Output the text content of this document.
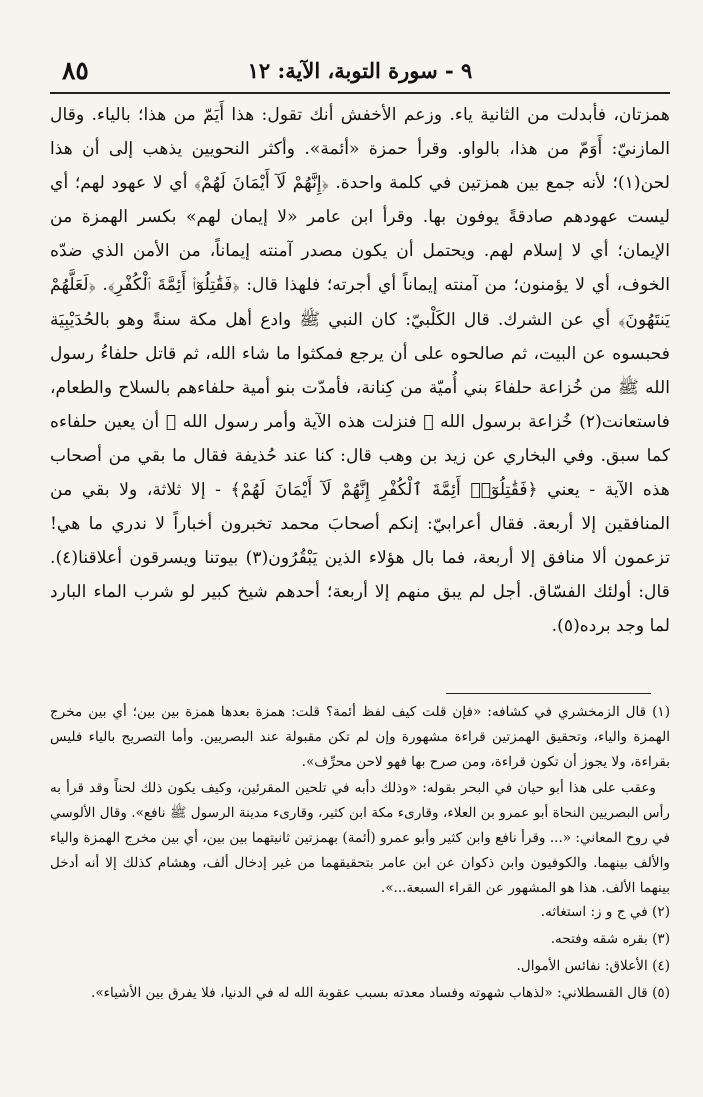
٨٥	٩ - سورة التوبة، الآية: ١٢

همزتان، فأبدلت من الثانية ياء. وزعم الأخفش أنك تقول: هذا أَيَمّ من هذا؛ بالياء. وقال المازنيّ: أَوَمّ من هذا، بالواو. وقرأ حمزة «أئمة». وأكثر النحويين يذهب إلى أن هذا لحن(١)؛ لأنه جمع بين همزتين في كلمة واحدة. ﴿إِنَّهُمْ لَآ أَيْمَانَ لَهُمْ﴾ أي لا عهود لهم؛ أي ليست عهودهم صادقةً يوفون بها. وقرأ ابن عامر «لا إيمان لهم» بكسر الهمزة من الإيمان؛ أي لا إسلام لهم. ويحتمل أن يكون مصدر آمنته إيماناً، من الأمن الذي ضدّه الخوف، أي لا يؤمنون؛ من آمنته إيماناً أي أجرته؛ فلهذا قال: ﴿فَقَٰتِلُوٓا۟ أَئِمَّةَ ٱلْكُفْرِ﴾. ﴿لَعَلَّهُمْ يَنتَهُونَ﴾ أي عن الشرك. قال الكَلْبيّ: كان النبي ﷺ وادع أهل مكة سنةً وهو بالحُدَيْبِيَة فحبسوه عن البيت، ثم صالحوه على أن يرجع فمكثوا ما شاء الله، ثم قاتل حلفاءُ رسول الله ﷺ من خُزاعة حلفاءَ بني أُميّة من كِنانة، فأمدّت بنو أمية حلفاءهم بالسلاح والطعام، فاستعانت(٢) خُزاعة برسول الله ﷺ فنزلت هذه الآية وأمر رسول الله ﷺ أن يعين حلفاءه كما سبق. وفي البخاري عن زيد بن وهب قال: كنا عند حُذيفة فقال ما بقي من أصحاب هذه الآية - يعني ﴿فَقَٰتِلُوٓا۟ أَئِمَّةَ ٱلْكُفْرِ إِنَّهُمْ لَآ أَيْمَانَ لَهُمْ﴾ - إلا ثلاثة، ولا بقي من المنافقين إلا أربعة. فقال أعرابيّ: إنكم أصحابَ محمد تخبرون أخباراً لا ندري ما هي! تزعمون ألا منافق إلا أربعة، فما بال هؤلاء الذين يَبْقُرُون(٣) بيوتنا ويسرقون أعلاقنا(٤). قال: أولئك الفسّاق. أجل لم يبق منهم إلا أربعة؛ أحدهم شيخ كبير لو شرب الماء البارد لما وجد برده(٥).

(١) قال الزمخشري في كشافه: «فإن قلت كيف لفظ أئمة؟ قلت: همزة بعدها همزة بين بين؛ أي بين مخرج الهمزة والياء، وتحقيق الهمزتين قراءة مشهورة وإن لم تكن مقبولة عند البصريين. وأما التصريح بالياء فليس بقراءة، ولا يجوز أن تكون قراءة، ومن صرح بها فهو لاحن محرِّف».

وعقب على هذا أبو حيان في البحر بقوله: «وذلك دأبه في تلحين المقرئين، وكيف يكون ذلك لحناً وقد قرأ به رأس البصريين النحاة أبو عمرو بن العلاء، وقارىء مكة ابن كثير، وقارىء مدينة الرسول ﷺ نافع». وقال الألوسي في روح المعاني: «... وقرأ نافع وابن كثير وأبو عمرو (أئمة) بهمزتين ثانيتهما بين بين، أي بين مخرج الهمزة والياء والألف بينهما. والكوفيون وابن ذكوان عن ابن عامر بتحقيقهما من غير إدخال ألف، وهشام كذلك إلا أنه أدخل بينهما الألف. هذا هو المشهور عن القراء السبعة...».

(٢) في ج و ز: استغاثه.

(٣) بقره شقه وفتحه.

(٤) الأعلاق: نفائس الأموال.

(٥) قال القسطلاني: «لذهاب شهوته وفساد معدته بسبب عقوبة الله له في الدنيا، فلا يفرق بين الأشياء».
